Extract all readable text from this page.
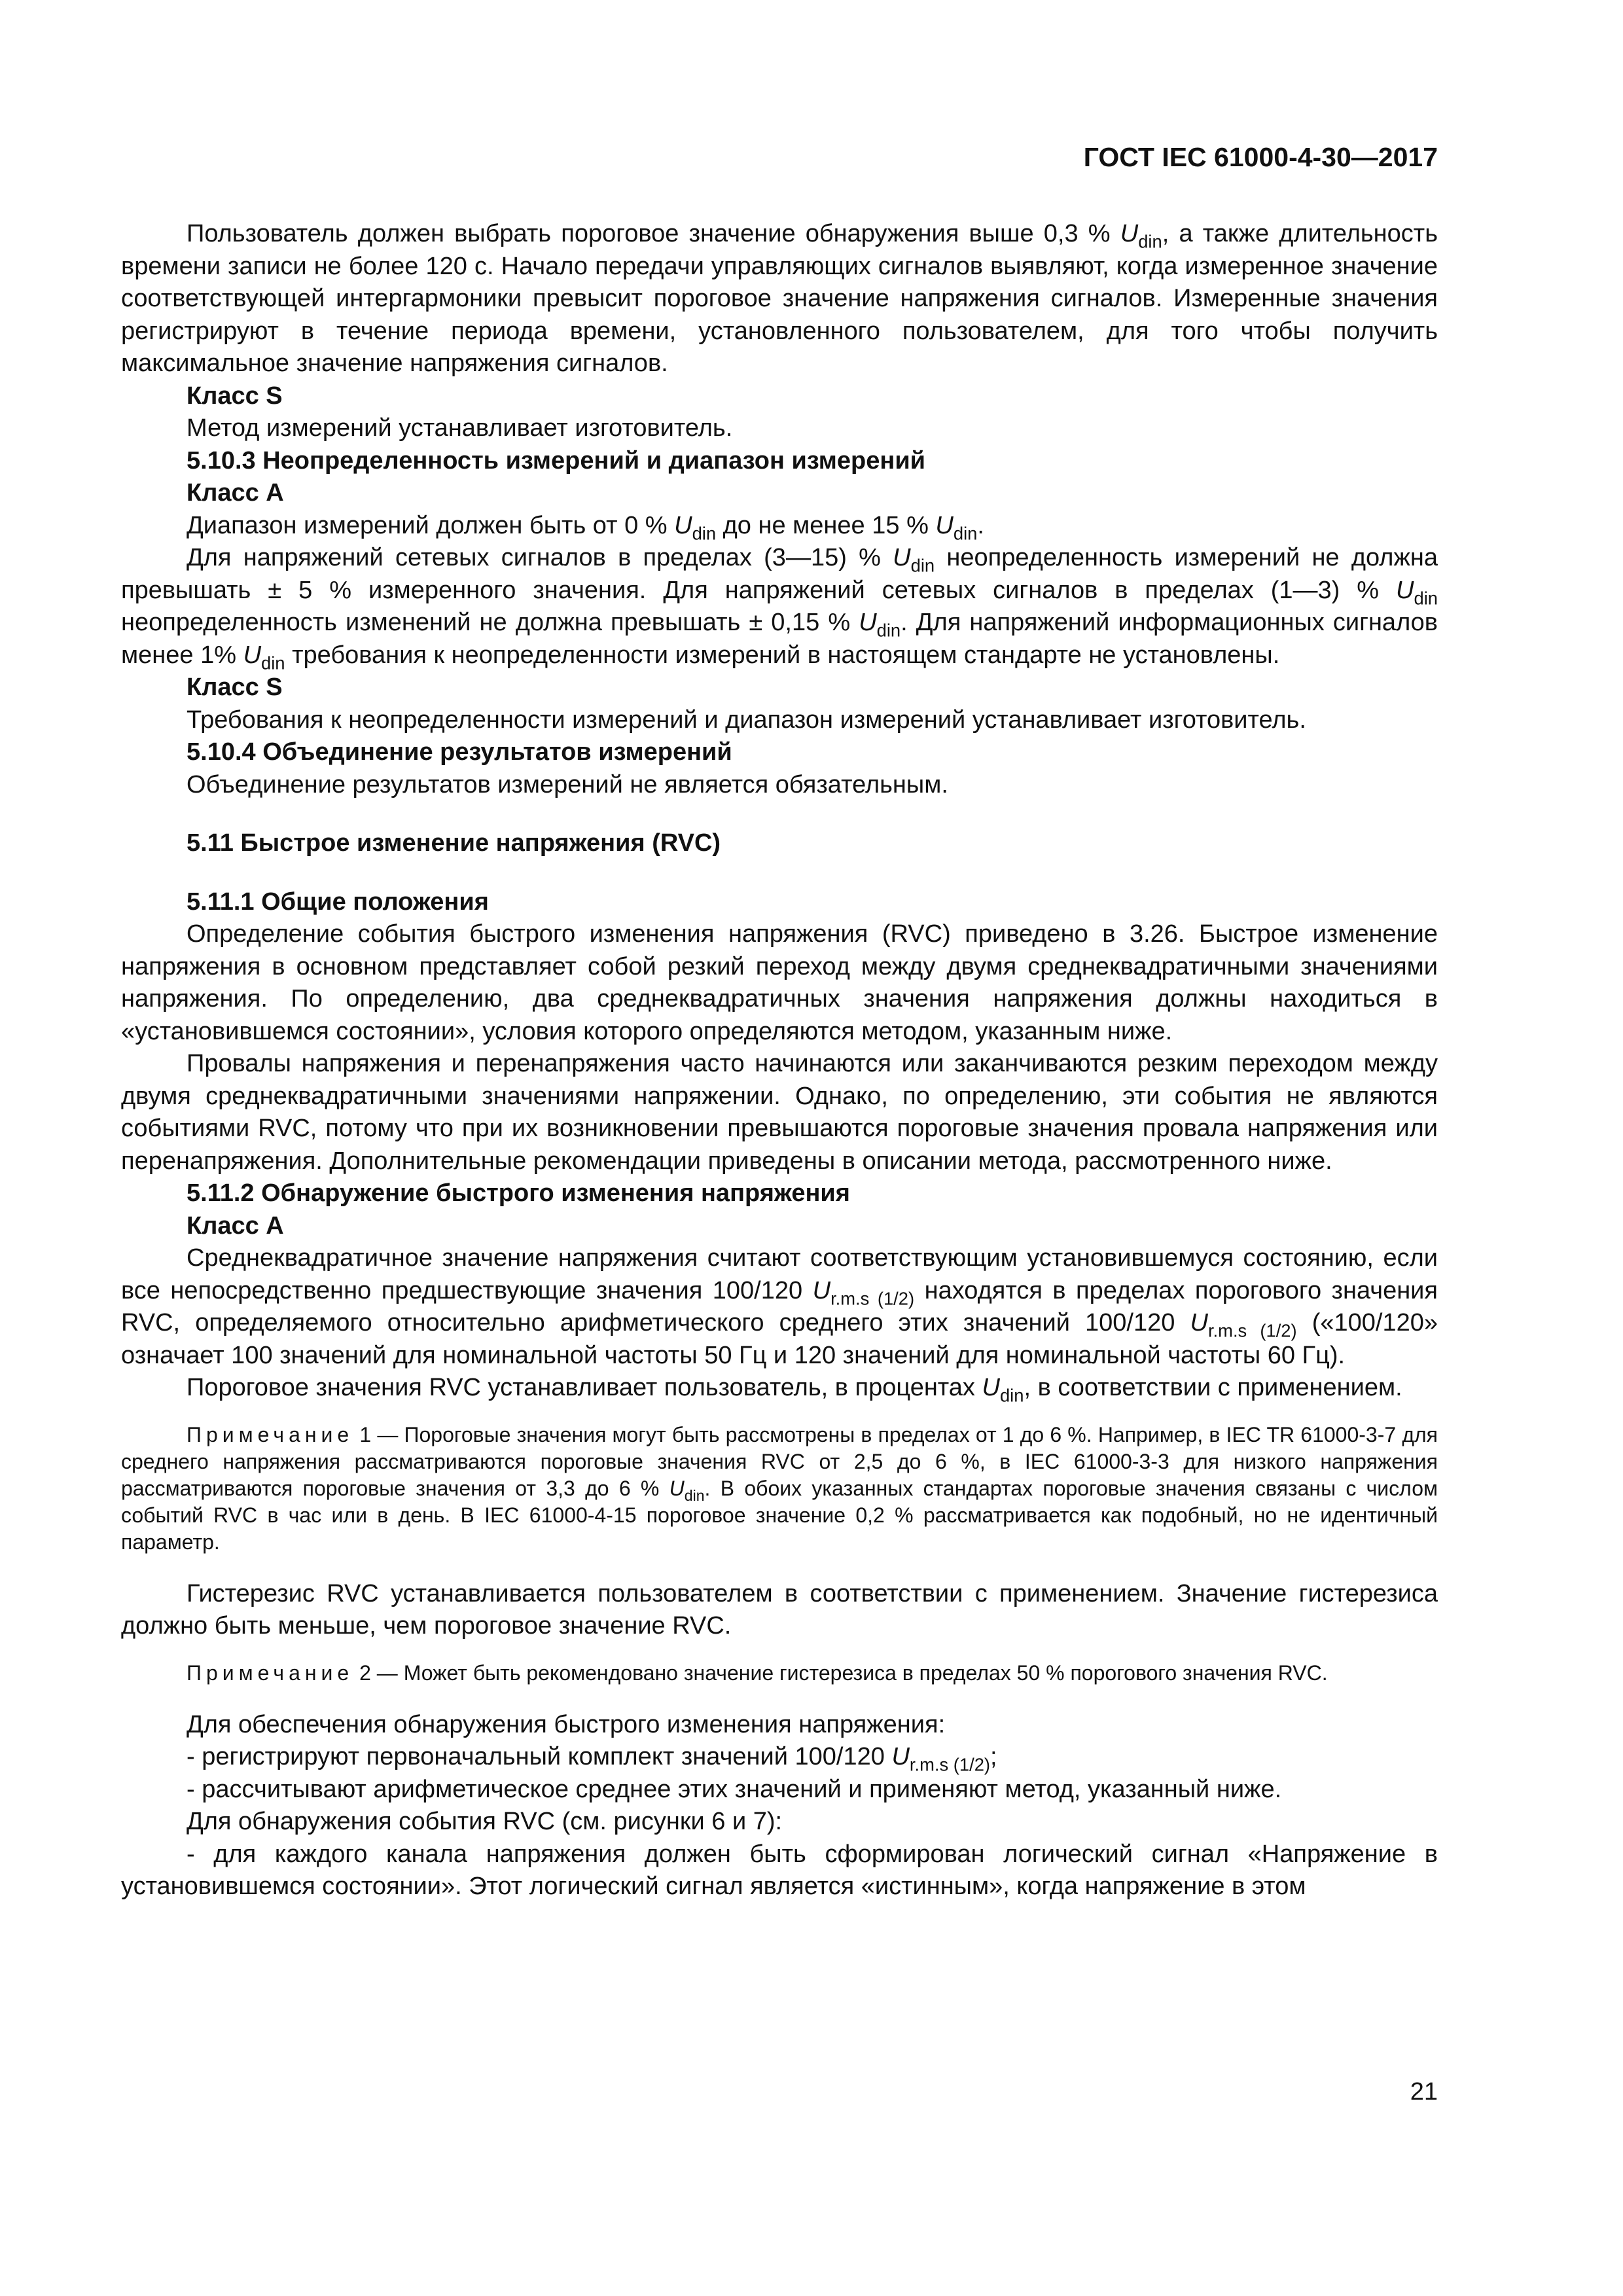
ГОСТ IEC 61000-4-30—2017

Пользователь должен выбрать пороговое значение обнаружения выше 0,3 % $U_{din}$, а также длительность времени записи не более 120 с. Начало передачи управляющих сигналов выявляют, когда измеренное значение соответствующей интергармоники превысит пороговое значение напряжения сигналов. Измеренные значения регистрируют в течение периода времени, установленного пользователем, для того чтобы получить максимальное значение напряжения сигналов.

Класс S

Метод измерений устанавливает изготовитель.

5.10.3 Неопределенность измерений и диапазон измерений

Класс А

Диапазон измерений должен быть от 0 % $U_{din}$ до не менее 15 % $U_{din}$.

Для напряжений сетевых сигналов в пределах (3—15) % $U_{din}$ неопределенность измерений не должна превышать ± 5 % измеренного значения. Для напряжений сетевых сигналов в пределах (1—3) % $U_{din}$ неопределенность изменений не должна превышать ± 0,15 % $U_{din}$. Для напряжений информационных сигналов менее 1% $U_{din}$ требования к неопределенности измерений в настоящем стандарте не установлены.

Класс S

Требования к неопределенности измерений и диапазон измерений устанавливает изготовитель.

5.10.4 Объединение результатов измерений

Объединение результатов измерений не является обязательным.

5.11 Быстрое изменение напряжения (RVC)

5.11.1 Общие положения

Определение события быстрого изменения напряжения (RVC) приведено в 3.26. Быстрое изменение напряжения в основном представляет собой резкий переход между двумя среднеквадратичными значениями напряжения. По определению, два среднеквадратичных значения напряжения должны находиться в «установившемся состоянии», условия которого определяются методом, указанным ниже.

Провалы напряжения и перенапряжения часто начинаются или заканчиваются резким переходом между двумя среднеквадратичными значениями напряжении. Однако, по определению, эти события не являются событиями RVC, потому что при их возникновении превышаются пороговые значения провала напряжения или перенапряжения. Дополнительные рекомендации приведены в описании метода, рассмотренного ниже.

5.11.2 Обнаружение быстрого изменения напряжения

Класс А

Среднеквадратичное значение напряжения считают соответствующим установившемуся состоянию, если все непосредственно предшествующие значения 100/120 $U_{r.m.s (1/2)}$ находятся в пределах порогового значения RVC, определяемого относительно арифметического среднего этих значений 100/120 $U_{r.m.s (1/2)}$ («100/120» означает 100 значений для номинальной частоты 50 Гц и 120 значений для номинальной частоты 60 Гц).

Пороговое значения RVC устанавливает пользователь, в процентах $U_{din}$, в соответствии с применением.

Примечание 1 — Пороговые значения могут быть рассмотрены в пределах от 1 до 6 %. Например, в IEC TR 61000-3-7 для среднего напряжения рассматриваются пороговые значения RVC от 2,5 до 6 %, в IEC 61000-3-3 для низкого напряжения рассматриваются пороговые значения от 3,3 до 6 % $U_{din}$. В обоих указанных стандартах пороговые значения связаны с числом событий RVC в час или в день. В IEC 61000-4-15 пороговое значение 0,2 % рассматривается как подобный, но не идентичный параметр.

Гистерезис RVC устанавливается пользователем в соответствии с применением. Значение гистерезиса должно быть меньше, чем пороговое значение RVC.

Примечание 2 — Может быть рекомендовано значение гистерезиса в пределах 50 % порогового значения RVC.

Для обеспечения обнаружения быстрого изменения напряжения:

- регистрируют первоначальный комплект значений 100/120 $U_{r.m.s (1/2)}$;

- рассчитывают арифметическое среднее этих значений и применяют метод, указанный ниже.

Для обнаружения события RVC (см. рисунки 6 и 7):

- для каждого канала напряжения должен быть сформирован логический сигнал «Напряжение в установившемся состоянии». Этот логический сигнал является «истинным», когда напряжение в этом

21
